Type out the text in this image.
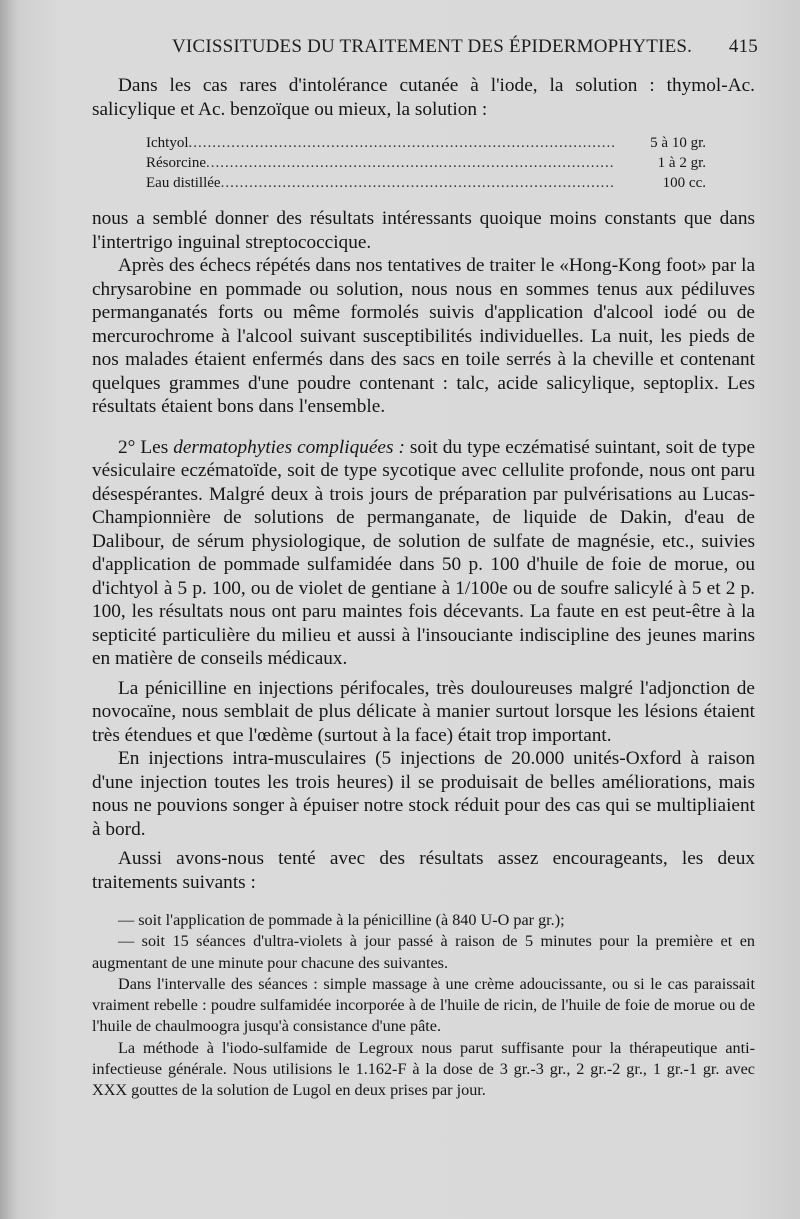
VICISSITUDES DU TRAITEMENT DES ÉPIDERMOPHYTIES. 415

Dans les cas rares d'intolérance cutanée à l'iode, la solution : thymol-Ac. salicylique et Ac. benzoïque ou mieux, la solution :

Ichtyol .....	5 à 10 gr.
Résorcine .....	1 à 2 gr.
Eau distillée .....	100 cc.

nous a semblé donner des résultats intéressants quoique moins constants que dans l'intertrigo inguinal streptococcique.

Après des échecs répétés dans nos tentatives de traiter le «Hong-Kong foot» par la chrysarobine en pommade ou solution, nous nous en sommes tenus aux pédiluves permanganatés forts ou même formolés suivis d'application d'alcool iodé ou de mercurochrome à l'alcool suivant susceptibilités individuelles. La nuit, les pieds de nos malades étaient enfermés dans des sacs en toile serrés à la cheville et contenant quelques grammes d'une poudre contenant : talc, acide salicylique, septoplix. Les résultats étaient bons dans l'ensemble.

2° Les dermatophyties compliquées : soit du type eczématisé suintant, soit de type vésiculaire eczématoïde, soit de type sycotique avec cellulite profonde, nous ont paru désespérantes. Malgré deux à trois jours de préparation par pulvérisations au Lucas-Championnière de solutions de permanganate, de liquide de Dakin, d'eau de Dalibour, de sérum physiologique, de solution de sulfate de magnésie, etc., suivies d'application de pommade sulfamidée dans 50 p. 100 d'huile de foie de morue, ou d'ichtyol à 5 p. 100, ou de violet de gentiane à 1/100e ou de soufre salicylé à 5 et 2 p. 100, les résultats nous ont paru maintes fois décevants. La faute en est peut-être à la septicité particulière du milieu et aussi à l'insouciante indiscipline des jeunes marins en matière de conseils médicaux.

La pénicilline en injections périfocales, très douloureuses malgré l'adjonction de novocaïne, nous semblait de plus délicate à manier surtout lorsque les lésions étaient très étendues et que l'œdème (surtout à la face) était trop important.

En injections intra-musculaires (5 injections de 20.000 unités-Oxford à raison d'une injection toutes les trois heures) il se produisait de belles améliorations, mais nous ne pouvions songer à épuiser notre stock réduit pour des cas qui se multipliaient à bord.

Aussi avons-nous tenté avec des résultats assez encourageants, les deux traitements suivants :

— soit l'application de pommade à la pénicilline (à 840 U-O par gr.);

— soit 15 séances d'ultra-violets à jour passé à raison de 5 minutes pour la première et en augmentant de une minute pour chacune des suivantes.

Dans l'intervalle des séances : simple massage à une crème adoucissante, ou si le cas paraissait vraiment rebelle : poudre sulfamidée incorporée à de l'huile de ricin, de l'huile de foie de morue ou de l'huile de chaulmoogra jusqu'à consistance d'une pâte.

La méthode à l'iodo-sulfamide de Legroux nous parut suffisante pour la thérapeutique anti-infectieuse générale. Nous utilisions le 1.162-F à la dose de 3 gr.-3 gr., 2 gr.-2 gr., 1 gr.-1 gr. avec XXX gouttes de la solution de Lugol en deux prises par jour.
